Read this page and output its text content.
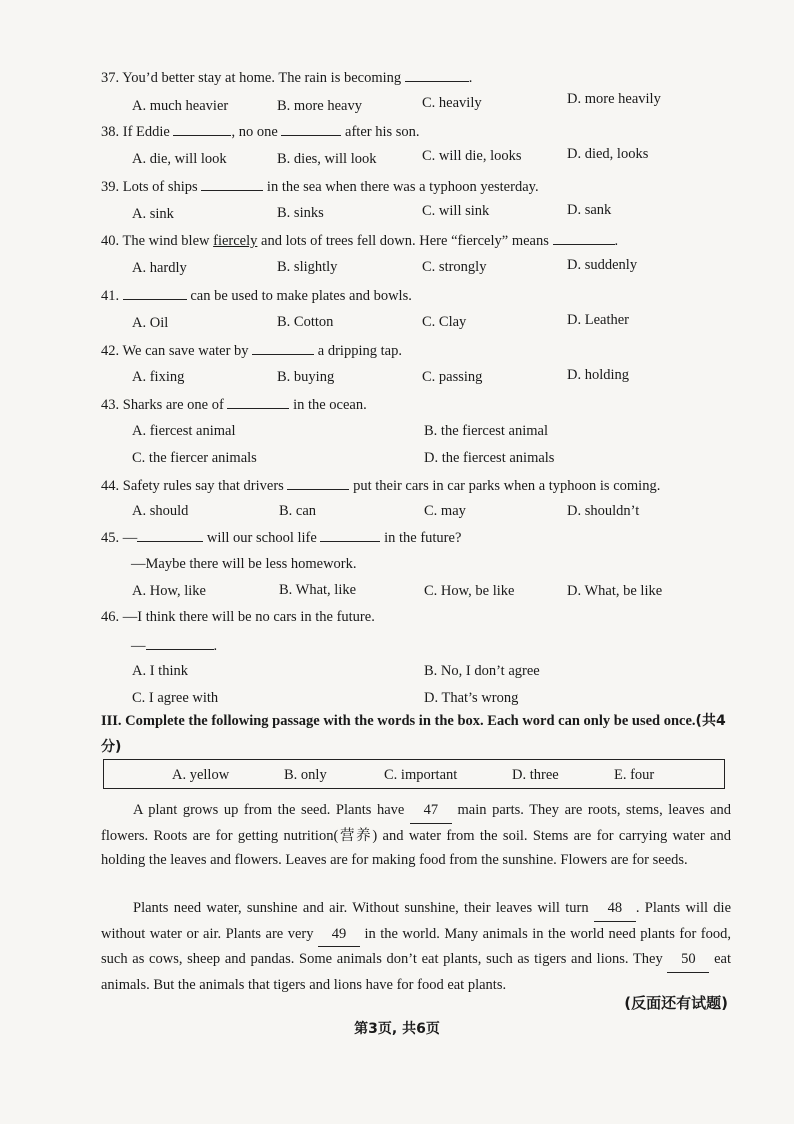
37. You’d better stay at home. The rain is becoming	.
A. much heavier	B. more heavy	C. heavily	D. more heavily
38. If Eddie	, no one	after his son.
A. die, will look	B. dies, will look	C. will die, looks	D. died, looks
39. Lots of ships	in the sea when there was a typhoon yesterday.
A. sink	B. sinks	C. will sink	D. sank
40. The wind blew fiercely and lots of trees fell down. Here “fiercely” means	.
A. hardly	B. slightly	C. strongly	D. suddenly
41.	can be used to make plates and bowls.
A. Oil	B. Cotton	C. Clay	D. Leather
42. We can save water by	a dripping tap.
A. fixing	B. buying	C. passing	D. holding
43. Sharks are one of	in the ocean.
A. fiercest animal	B. the fiercest animal
C. the fiercer animals	D. the fiercest animals
44. Safety rules say that drivers	put their cars in car parks when a typhoon is coming.
A. should	B. can	C. may	D. shouldn’t
45. —	will our school life	in the future?
—Maybe there will be less homework.
A. How, like	B. What, like	C. How, be like	D. What, be like
46. —I think there will be no cars in the future.
—	.
A. I think	B. No, I don’t agree
C. I agree with	D. That’s wrong
III. Complete the following passage with the words in the box. Each word can only be used once.(共4分)
A. yellow	B. only	C. important	D. three	E. four
A plant grows up from the seed. Plants have 47 main parts. They are roots, stems, leaves and flowers. Roots are for getting nutrition(营养) and water from the soil. Stems are for carrying water and holding the leaves and flowers. Leaves are for making food from the sunshine. Flowers are for seeds.
Plants need water, sunshine and air. Without sunshine, their leaves will turn 48 . Plants will die without water or air. Plants are very 49 in the world. Many animals in the world need plants for food, such as cows, sheep and pandas. Some animals don’t eat plants, such as tigers and lions. They 50 eat animals. But the animals that tigers and lions have for food eat plants.
(反面还有试题)
第3页, 共6页
